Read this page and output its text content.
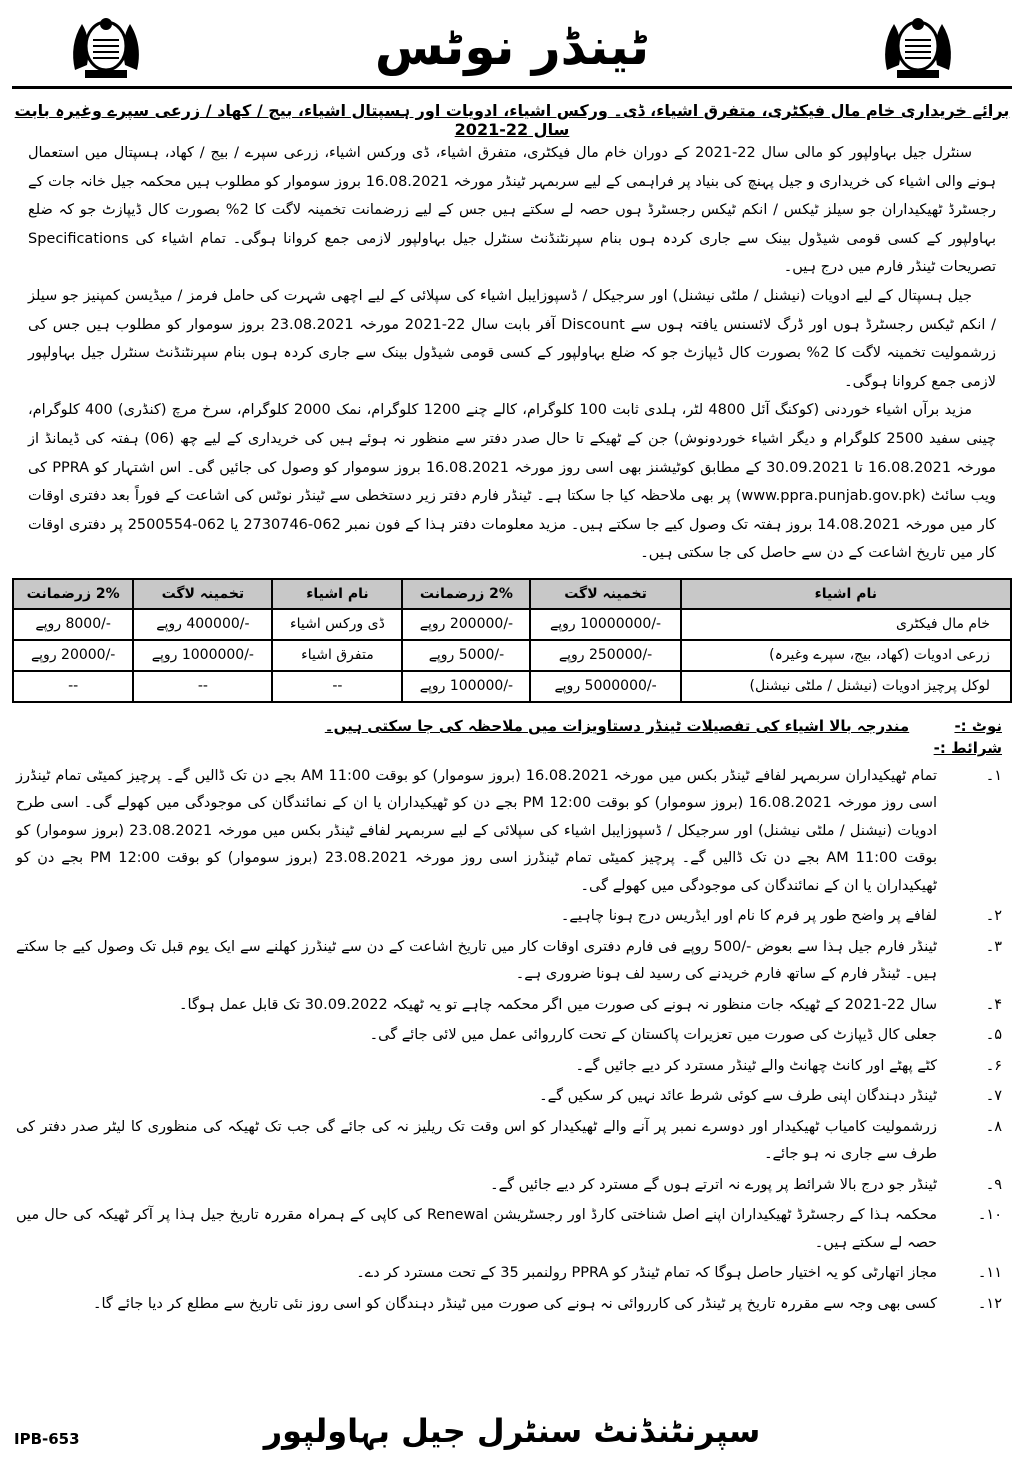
ٹینڈر نوٹس
برائے خریداری خام مال فیکٹری، متفرق اشیاء، ڈی۔ ورکس اشیاء، ادویات اور ہسپتال اشیاء، بیج / کھاد / زرعی سپرے وغیرہ بابت سال 22-2021

سنٹرل جیل بہاولپور کو مالی سال 22-2021 کے دوران خام مال فیکٹری، متفرق اشیاء، ڈی ورکس اشیاء، زرعی سپرے / بیج / کھاد، ہسپتال میں استعمال ہونے والی اشیاء کی خریداری و جیل پہنچ کی بنیاد پر فراہمی کے لیے سربمہر ٹینڈر مورخہ 16.08.2021 بروز سوموار کو مطلوب ہیں محکمہ جیل خانہ جات کے رجسٹرڈ ٹھیکیداران جو سیلز ٹیکس / انکم ٹیکس رجسٹرڈ ہوں حصہ لے سکتے ہیں جس کے لیے زرضمانت تخمینہ لاگت کا 2% بصورت کال ڈیپازٹ جو کہ ضلع بہاولپور کے کسی قومی شیڈول بینک سے جاری کردہ ہوں بنام سپرنٹنڈنٹ سنٹرل جیل بہاولپور لازمی جمع کروانا ہوگی۔ تمام اشیاء کی Specifications تصریحات ٹینڈر فارم میں درج ہیں۔

جیل ہسپتال کے لیے ادویات (نیشنل / ملٹی نیشنل) اور سرجیکل / ڈسپوزایبل اشیاء کی سپلائی کے لیے اچھی شہرت کی حامل فرمز / میڈیسن کمپنیز جو سیلز / انکم ٹیکس رجسٹرڈ ہوں اور ڈرگ لائسنس یافتہ ہوں سے Discount آفر بابت سال 22-2021 مورخہ 23.08.2021 بروز سوموار کو مطلوب ہیں جس کی زرشمولیت تخمینہ لاگت کا 2% بصورت کال ڈیپازٹ جو کہ ضلع بہاولپور کے کسی قومی شیڈول بینک سے جاری کردہ ہوں بنام سپرنٹنڈنٹ سنٹرل جیل بہاولپور لازمی جمع کروانا ہوگی۔

مزید برآں اشیاء خوردنی (کوکنگ آئل 4800 لٹر، ہلدی ثابت 100 کلوگرام، کالے چنے 1200 کلوگرام، نمک 2000 کلوگرام، سرخ مرچ (کنڈری) 400 کلوگرام، چینی سفید 2500 کلوگرام و دیگر اشیاء خوردونوش) جن کے ٹھیکے تا حال صدر دفتر سے منظور نہ ہوئے ہیں کی خریداری کے لیے چھ (06) ہفتہ کی ڈیمانڈ از مورخہ 16.08.2021 تا 30.09.2021 کے مطابق کوٹیشنز بھی اسی روز مورخہ 16.08.2021 بروز سوموار کو وصول کی جائیں گی۔ اس اشتہار کو PPRA کی ویب سائٹ (www.ppra.punjab.gov.pk) پر بھی ملاحظہ کیا جا سکتا ہے۔ ٹینڈر فارم دفتر زیر دستخطی سے ٹینڈر نوٹس کی اشاعت کے فوراً بعد دفتری اوقات کار میں مورخہ 14.08.2021 بروز ہفتہ تک وصول کیے جا سکتے ہیں۔ مزید معلومات دفتر ہذا کے فون نمبر 062-2730746 یا 062-2500554 پر دفتری اوقات کار میں تاریخ اشاعت کے دن سے حاصل کی جا سکتی ہیں۔

نام اشیاء	تخمینہ لاگت	2% زرضمانت	نام اشیاء	تخمینہ لاگت	2% زرضمانت
خام مال فیکٹری	-/10000000 روپے	-/200000 روپے	ڈی ورکس اشیاء	-/400000 روپے	-/8000 روپے
زرعی ادویات (کھاد، بیج، سپرے وغیرہ)	-/250000 روپے	-/5000 روپے	متفرق اشیاء	-/1000000 روپے	-/20000 روپے
لوکل پرچیز ادویات (نیشنل / ملٹی نیشنل)	-/5000000 روپے	-/100000 روپے	--	--	--
نوٹ :- مندرجہ بالا اشیاء کی تفصیلات ٹینڈر دستاویزات میں ملاحظہ کی جا سکتی ہیں۔
شرائط :-
۱۔
تمام ٹھیکیداران سربمہر لفافے ٹینڈر بکس میں مورخہ 16.08.2021 (بروز سوموار) کو بوقت 11:00 AM بجے دن تک ڈالیں گے۔ پرچیز کمیٹی تمام ٹینڈرز اسی روز مورخہ 16.08.2021 (بروز سوموار) کو بوقت 12:00 PM بجے دن کو ٹھیکیداران یا ان کے نمائندگان کی موجودگی میں کھولے گی۔ اسی طرح ادویات (نیشنل / ملٹی نیشنل) اور سرجیکل / ڈسپوزایبل اشیاء کی سپلائی کے لیے سربمہر لفافے ٹینڈر بکس میں مورخہ 23.08.2021 (بروز سوموار) کو بوقت 11:00 AM بجے دن تک ڈالیں گے۔ پرچیز کمیٹی تمام ٹینڈرز اسی روز مورخہ 23.08.2021 (بروز سوموار) کو بوقت 12:00 PM بجے دن کو ٹھیکیداران یا ان کے نمائندگان کی موجودگی میں کھولے گی۔
۲۔
لفافے پر واضح طور پر فرم کا نام اور ایڈریس درج ہونا چاہیے۔
۳۔
ٹینڈر فارم جیل ہذا سے بعوض -/500 روپے فی فارم دفتری اوقات کار میں تاریخ اشاعت کے دن سے ٹینڈرز کھلنے سے ایک یوم قبل تک وصول کیے جا سکتے ہیں۔ ٹینڈر فارم کے ساتھ فارم خریدنے کی رسید لف ہونا ضروری ہے۔
۴۔
سال 22-2021 کے ٹھیکہ جات منظور نہ ہونے کی صورت میں اگر محکمہ چاہے تو یہ ٹھیکہ 30.09.2022 تک قابل عمل ہوگا۔
۵۔
جعلی کال ڈیپازٹ کی صورت میں تعزیرات پاکستان کے تحت کارروائی عمل میں لائی جائے گی۔
۶۔
کٹے پھٹے اور کانٹ چھانٹ والے ٹینڈر مسترد کر دیے جائیں گے۔
۷۔
ٹینڈر دہندگان اپنی طرف سے کوئی شرط عائد نہیں کر سکیں گے۔
۸۔
زرشمولیت کامیاب ٹھیکیدار اور دوسرے نمبر پر آنے والے ٹھیکیدار کو اس وقت تک ریلیز نہ کی جائے گی جب تک ٹھیکہ کی منظوری کا لیٹر صدر دفتر کی طرف سے جاری نہ ہو جائے۔
۹۔
ٹینڈر جو درج بالا شرائط پر پورے نہ اترتے ہوں گے مسترد کر دیے جائیں گے۔
۱۰۔
محکمہ ہذا کے رجسٹرڈ ٹھیکیداران اپنے اصل شناختی کارڈ اور رجسٹریشن Renewal کی کاپی کے ہمراہ مقررہ تاریخ جیل ہذا پر آکر ٹھیکہ کی حال میں حصہ لے سکتے ہیں۔
۱۱۔
مجاز اتھارٹی کو یہ اختیار حاصل ہوگا کہ تمام ٹینڈر کو PPRA رولنمبر 35 کے تحت مسترد کر دے۔
۱۲۔
کسی بھی وجہ سے مقررہ تاریخ پر ٹینڈر کی کارروائی نہ ہونے کی صورت میں ٹینڈر دہندگان کو اسی روز نئی تاریخ سے مطلع کر دیا جائے گا۔
سپرنٹنڈنٹ سنٹرل جیل بہاولپور
IPB-653
